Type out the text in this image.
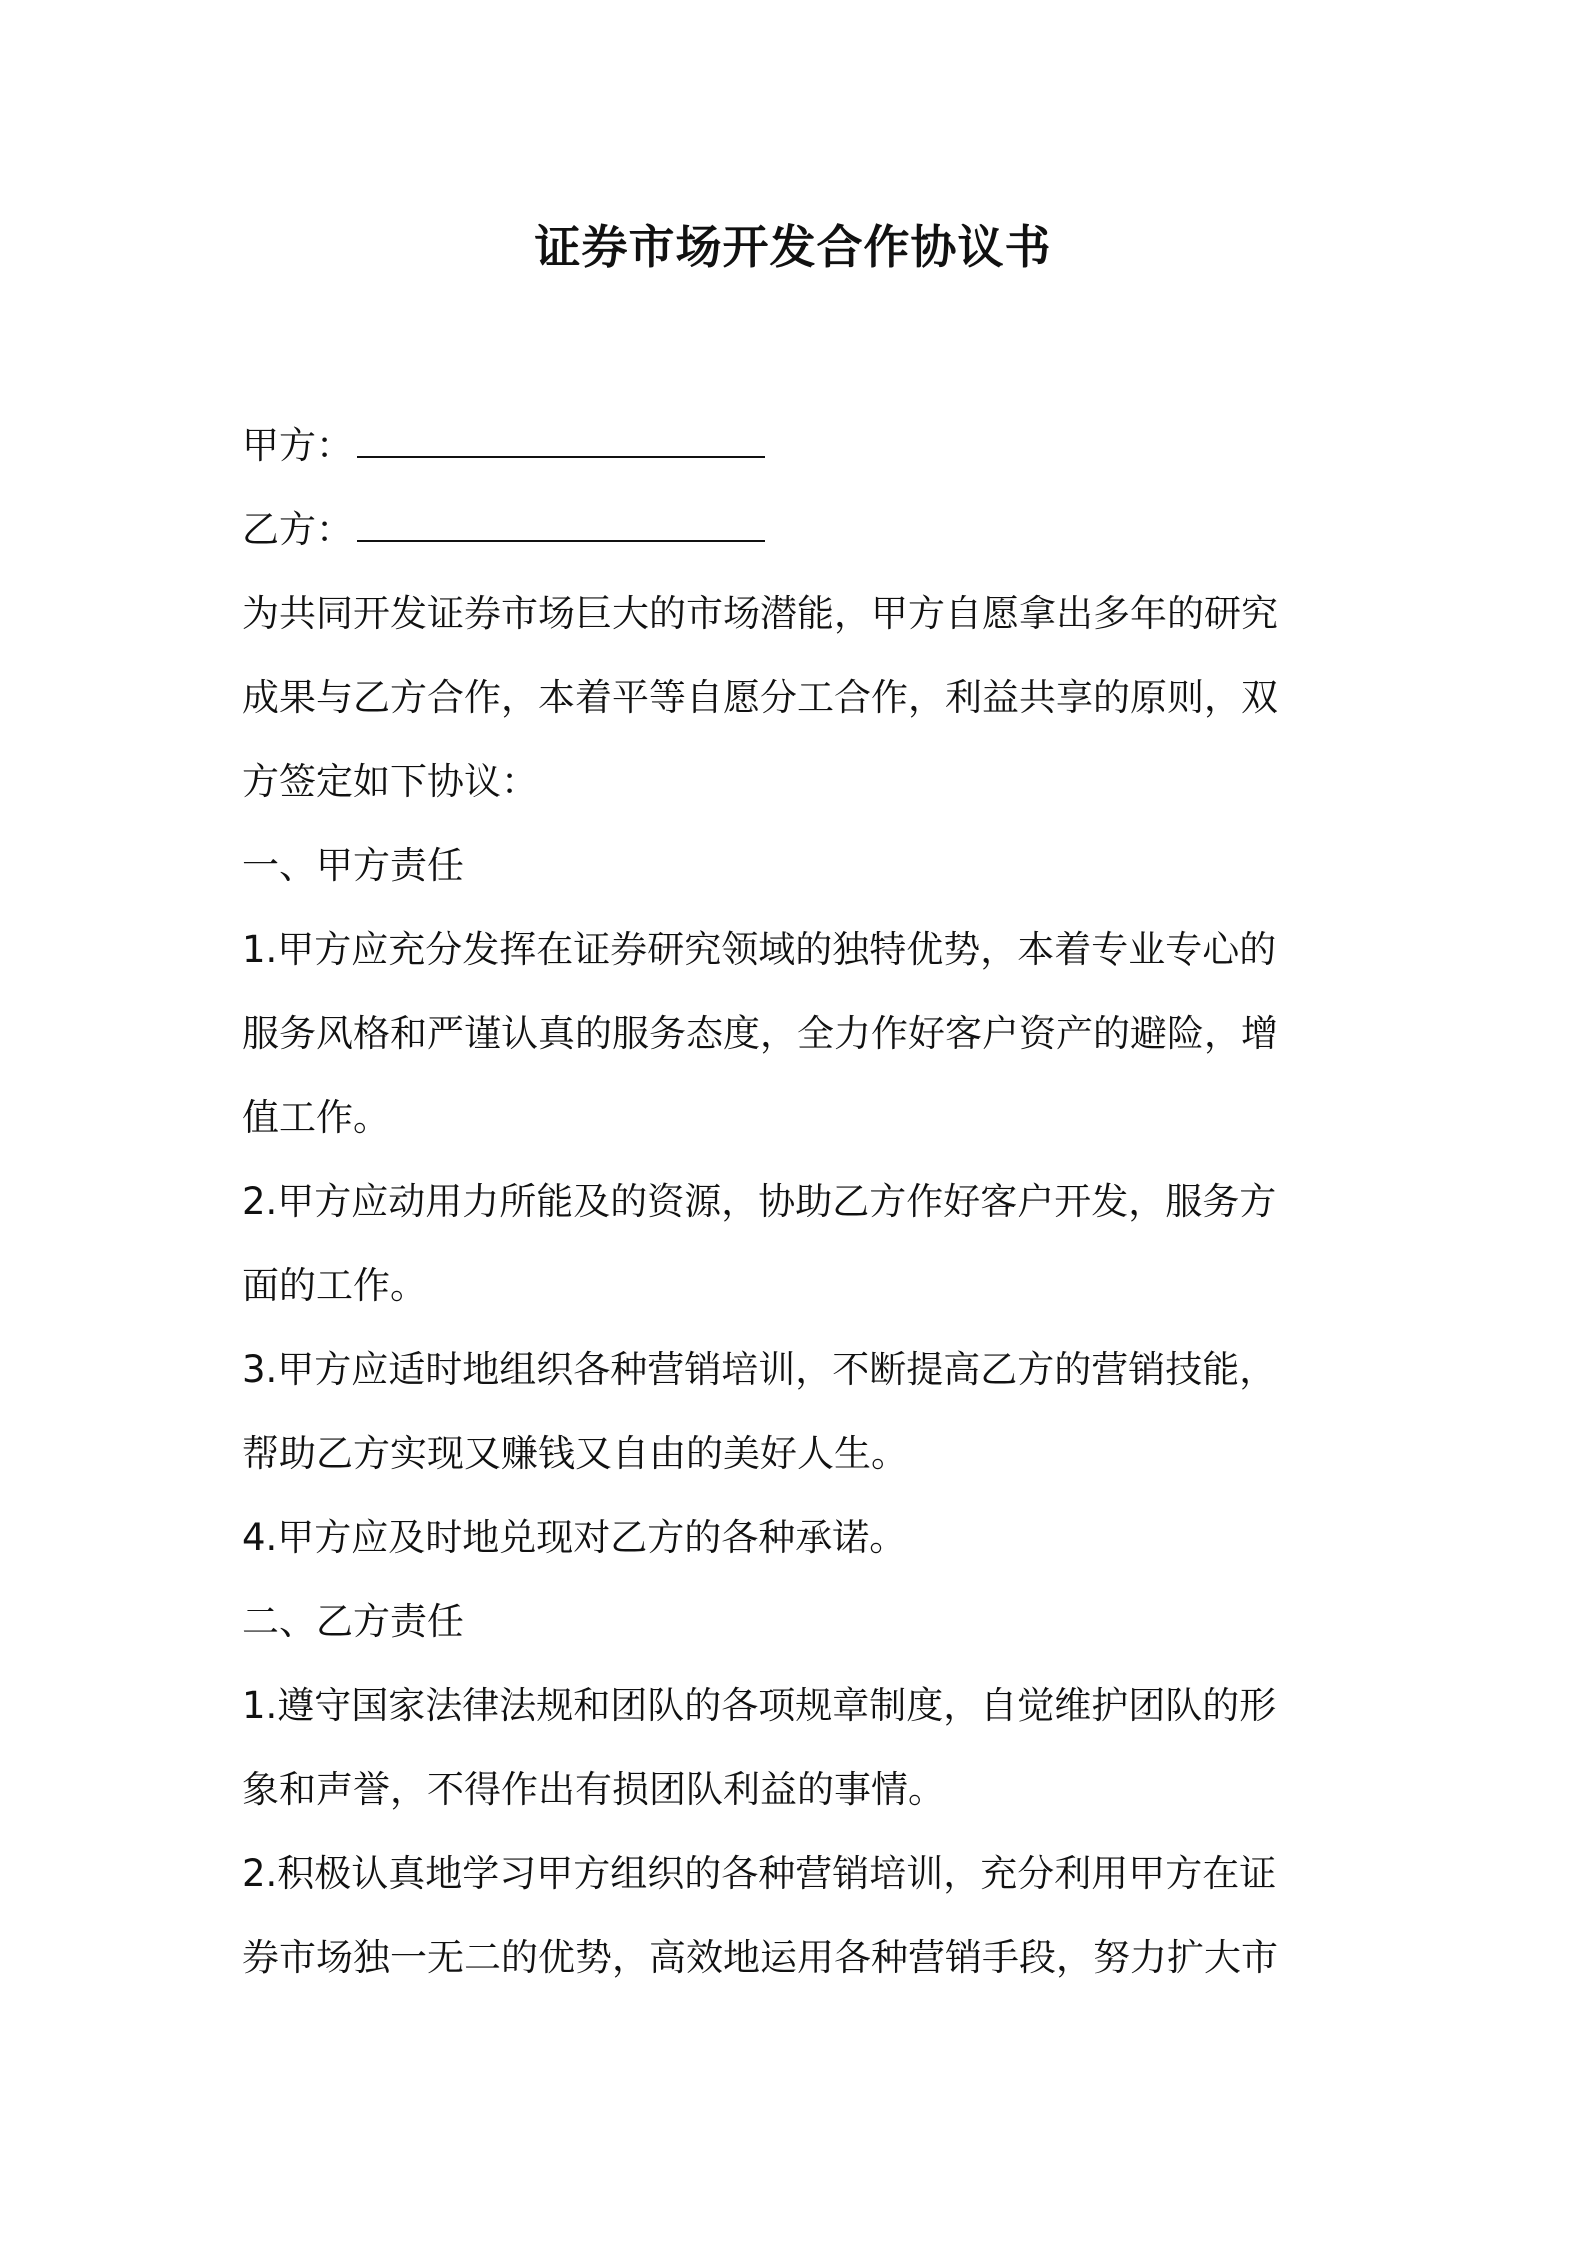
证券市场开发合作协议书

甲方：

乙方：

为共同开发证券市场巨大的市场潜能，甲方自愿拿出多年的研究

成果与乙方合作，本着平等自愿分工合作，利益共享的原则，双

方签定如下协议：

一、甲方责任

1.甲方应充分发挥在证券研究领域的独特优势，本着专业专心的

服务风格和严谨认真的服务态度，全力作好客户资产的避险，增

值工作。

2.甲方应动用力所能及的资源，协助乙方作好客户开发，服务方

面的工作。

3.甲方应适时地组织各种营销培训，不断提高乙方的营销技能，

帮助乙方实现又赚钱又自由的美好人生。

4.甲方应及时地兑现对乙方的各种承诺。

二、乙方责任

1.遵守国家法律法规和团队的各项规章制度，自觉维护团队的形

象和声誉，不得作出有损团队利益的事情。

2.积极认真地学习甲方组织的各种营销培训，充分利用甲方在证

券市场独一无二的优势，高效地运用各种营销手段，努力扩大市
